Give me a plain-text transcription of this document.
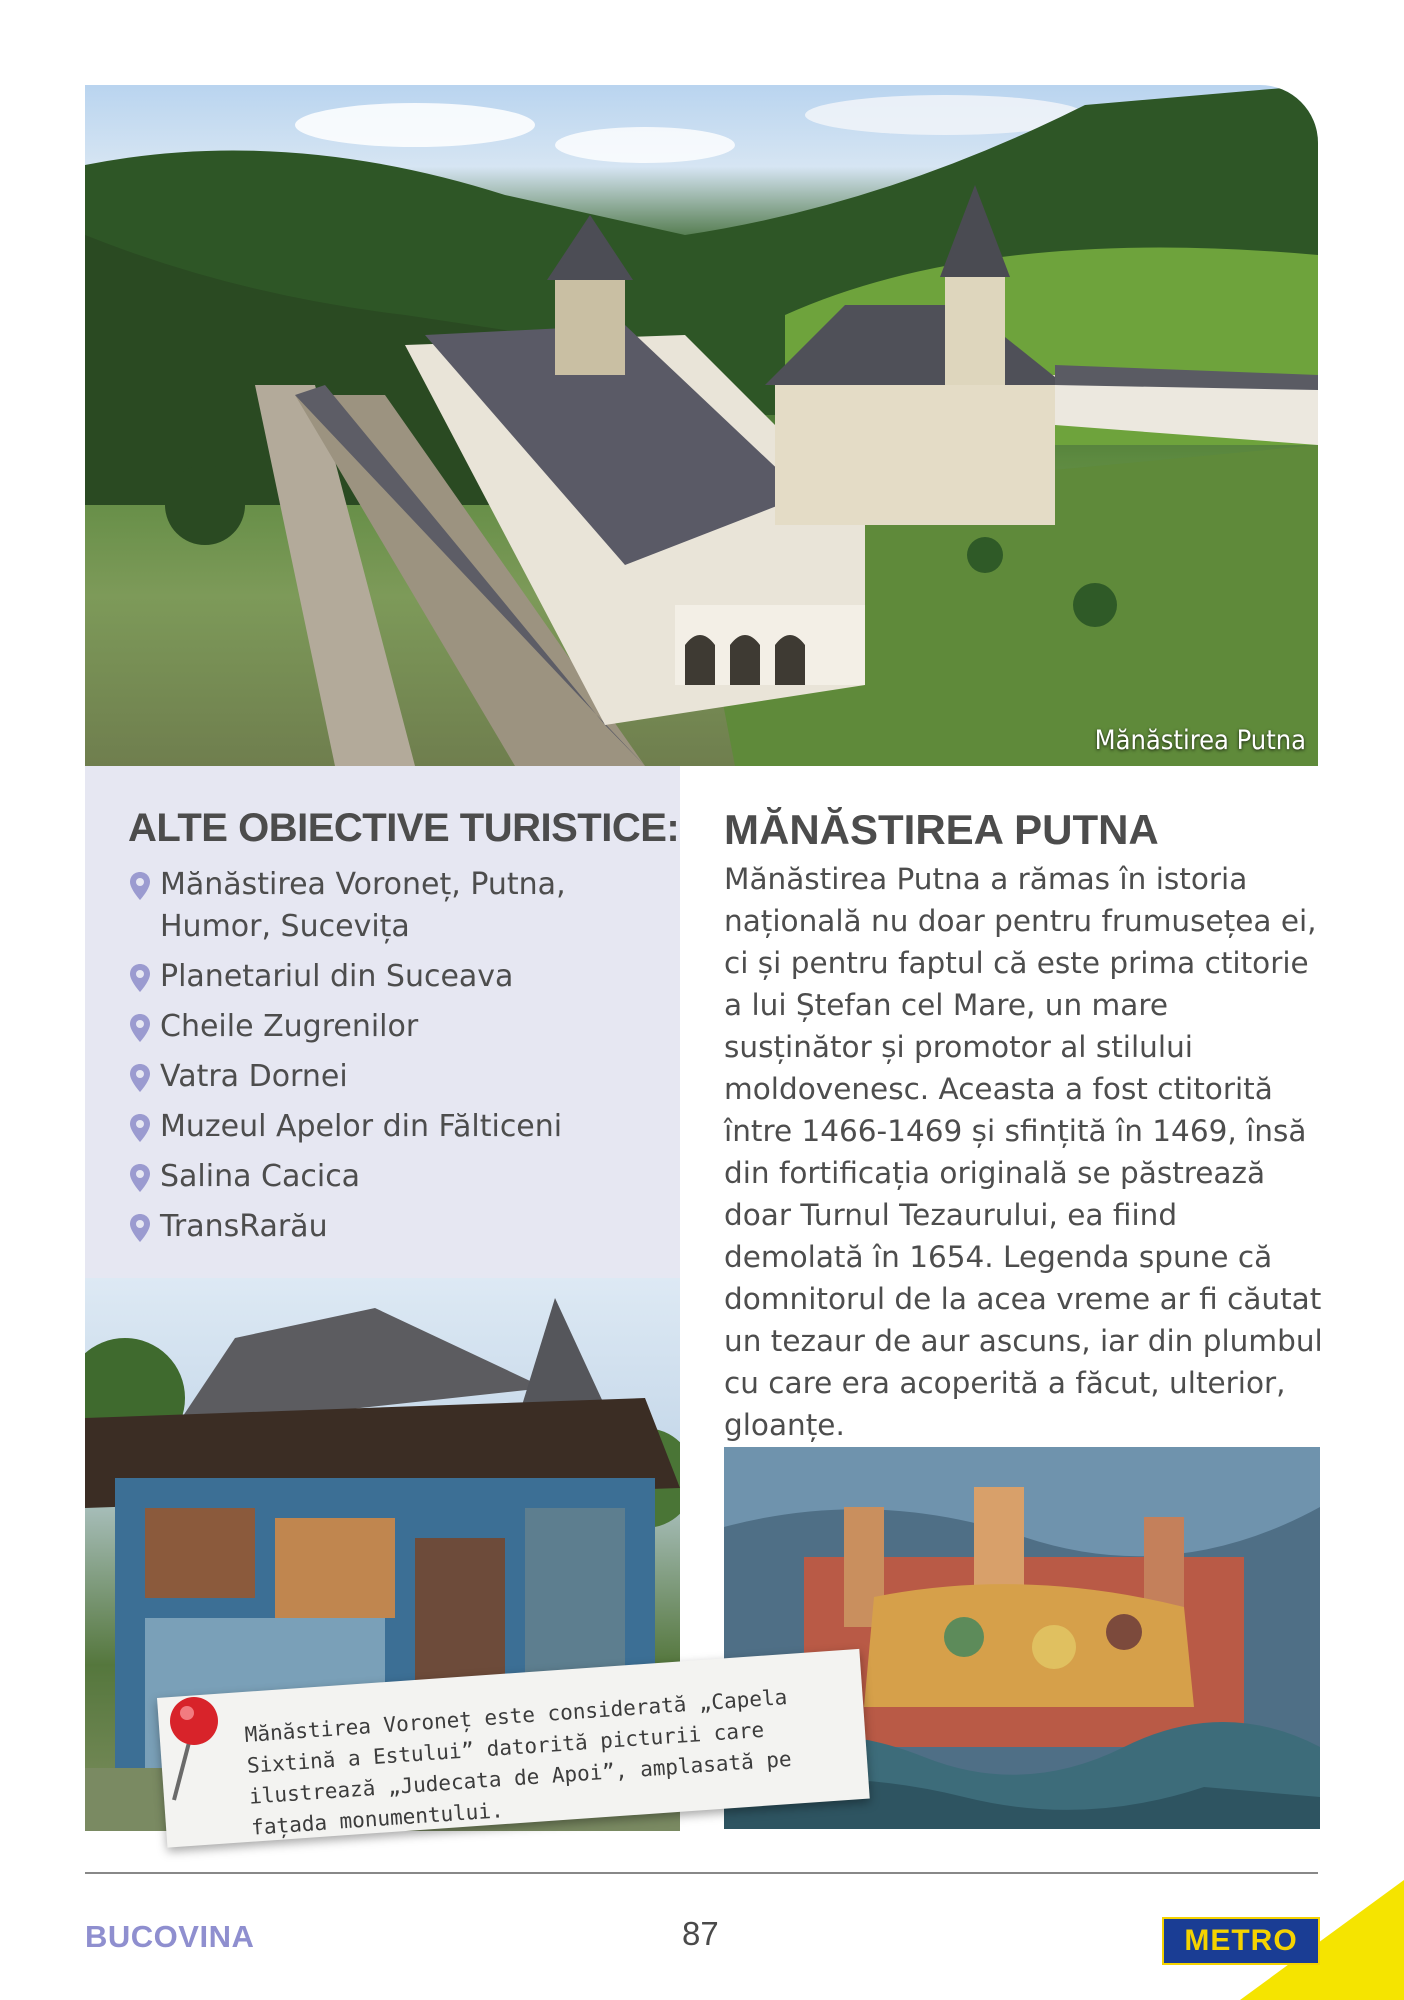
Mănăstirea Putna
ALTE OBIECTIVE TURISTICE:
Mănăstirea Voroneț, Putna,
Humor, Sucevița
Planetariul din Suceava
Cheile Zugrenilor
Vatra Dornei
Muzeul Apelor din Fălticeni
Salina Cacica
TransRarău
MĂNĂSTIREA PUTNA

Mănăstirea Putna a rămas în istoria națională nu doar pentru frumusețea ei, ci și pentru faptul că este prima ctitorie a lui Ștefan cel Mare, un mare susținător și promotor al stilului moldovenesc. Aceasta a fost ctitorită între 1466-1469 și sfințită în 1469, însă din fortificația originală se păstrează doar Turnul Tezaurului, ea fiind demolată în 1654. Legenda spune că domnitorul de la acea vreme ar fi căutat un tezaur de aur ascuns, iar din plumbul cu care era acoperită a făcut, ulterior, gloanțe.

Mănăstirea Voroneț este considerată „Capela Sixtină a Estului” datorită picturii care ilustrează „Judecata de Apoi”, amplasată pe fațada monumentului.
BUCOVINA	87	METRO
